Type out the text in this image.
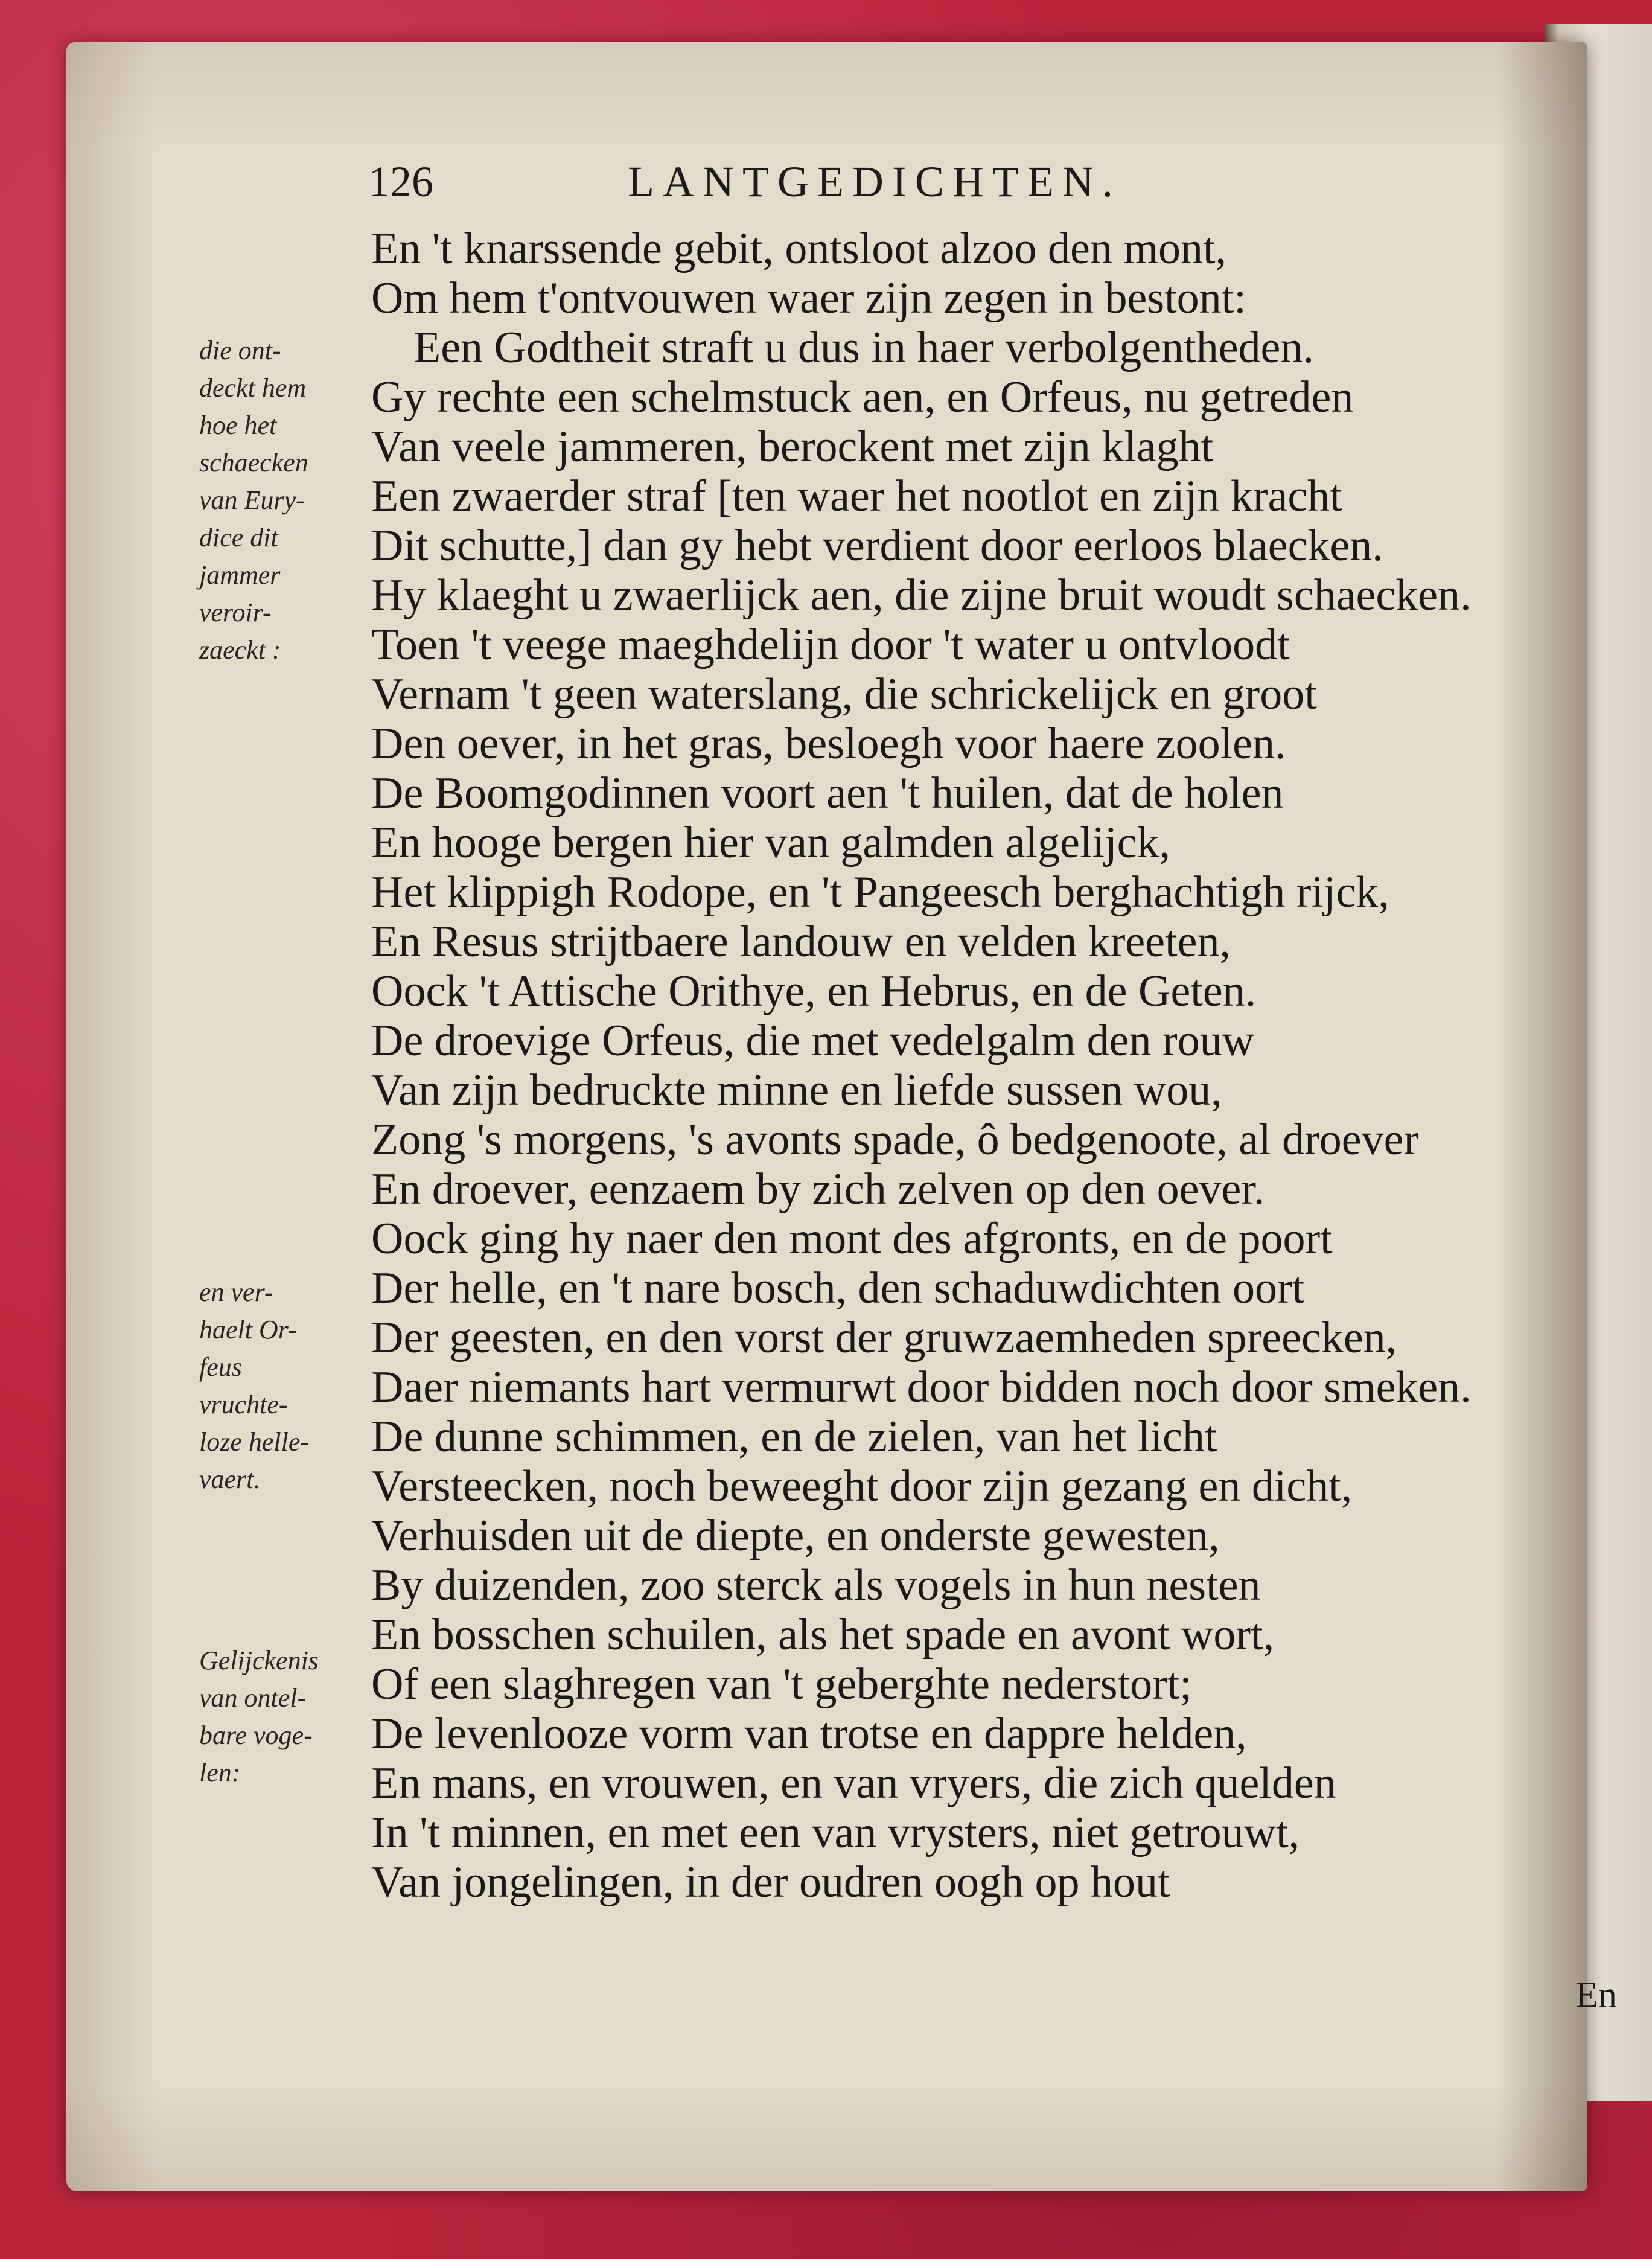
126	LANTGEDICHTEN.
die ont-
deckt hem
hoe het
schaecken
van Eury-
dice dit
jammer
veroir-
zaeckt :
en ver-
haelt Or-
feus
vruchte-
loze helle-
vaert.
Gelijckenis
van ontel-
bare voge-
len:
En 't knarssende gebit, ontsloot alzoo den mont,
Om hem t'ontvouwen waer zijn zegen in bestont:
Een Godtheit straft u dus in haer verbolgentheden.
Gy rechte een schelmstuck aen, en Orfeus, nu getreden
Van veele jammeren, berockent met zijn klaght
Een zwaerder straf [ten waer het nootlot en zijn kracht
Dit schutte,] dan gy hebt verdient door eerloos blaecken.
Hy klaeght u zwaerlijck aen, die zijne bruit woudt schaecken.
Toen 't veege maeghdelijn door 't water u ontvloodt
Vernam 't geen waterslang, die schrickelijck en groot
Den oever, in het gras, besloegh voor haere zoolen.
De Boomgodinnen voort aen 't huilen, dat de holen
En hooge bergen hier van galmden algelijck,
Het klippigh Rodope, en 't Pangeesch berghachtigh rijck,
En Resus strijtbaere landouw en velden kreeten,
Oock 't Attische Orithye, en Hebrus, en de Geten.
De droevige Orfeus, die met vedelgalm den rouw
Van zijn bedruckte minne en liefde sussen wou,
Zong 's morgens, 's avonts spade, ô bedgenoote, al droever
En droever, eenzaem by zich zelven op den oever.
Oock ging hy naer den mont des afgronts, en de poort
Der helle, en 't nare bosch, den schaduwdichten oort
Der geesten, en den vorst der gruwzaemheden spreecken,
Daer niemants hart vermurwt door bidden noch door smeken.
De dunne schimmen, en de zielen, van het licht
Versteecken, noch beweeght door zijn gezang en dicht,
Verhuisden uit de diepte, en onderste gewesten,
By duizenden, zoo sterck als vogels in hun nesten
En bosschen schuilen, als het spade en avont wort,
Of een slaghregen van 't geberghte nederstort;
De levenlooze vorm van trotse en dappre helden,
En mans, en vrouwen, en van vryers, die zich quelden
In 't minnen, en met een van vrysters, niet getrouwt,
Van jongelingen, in der oudren oogh op hout
En
